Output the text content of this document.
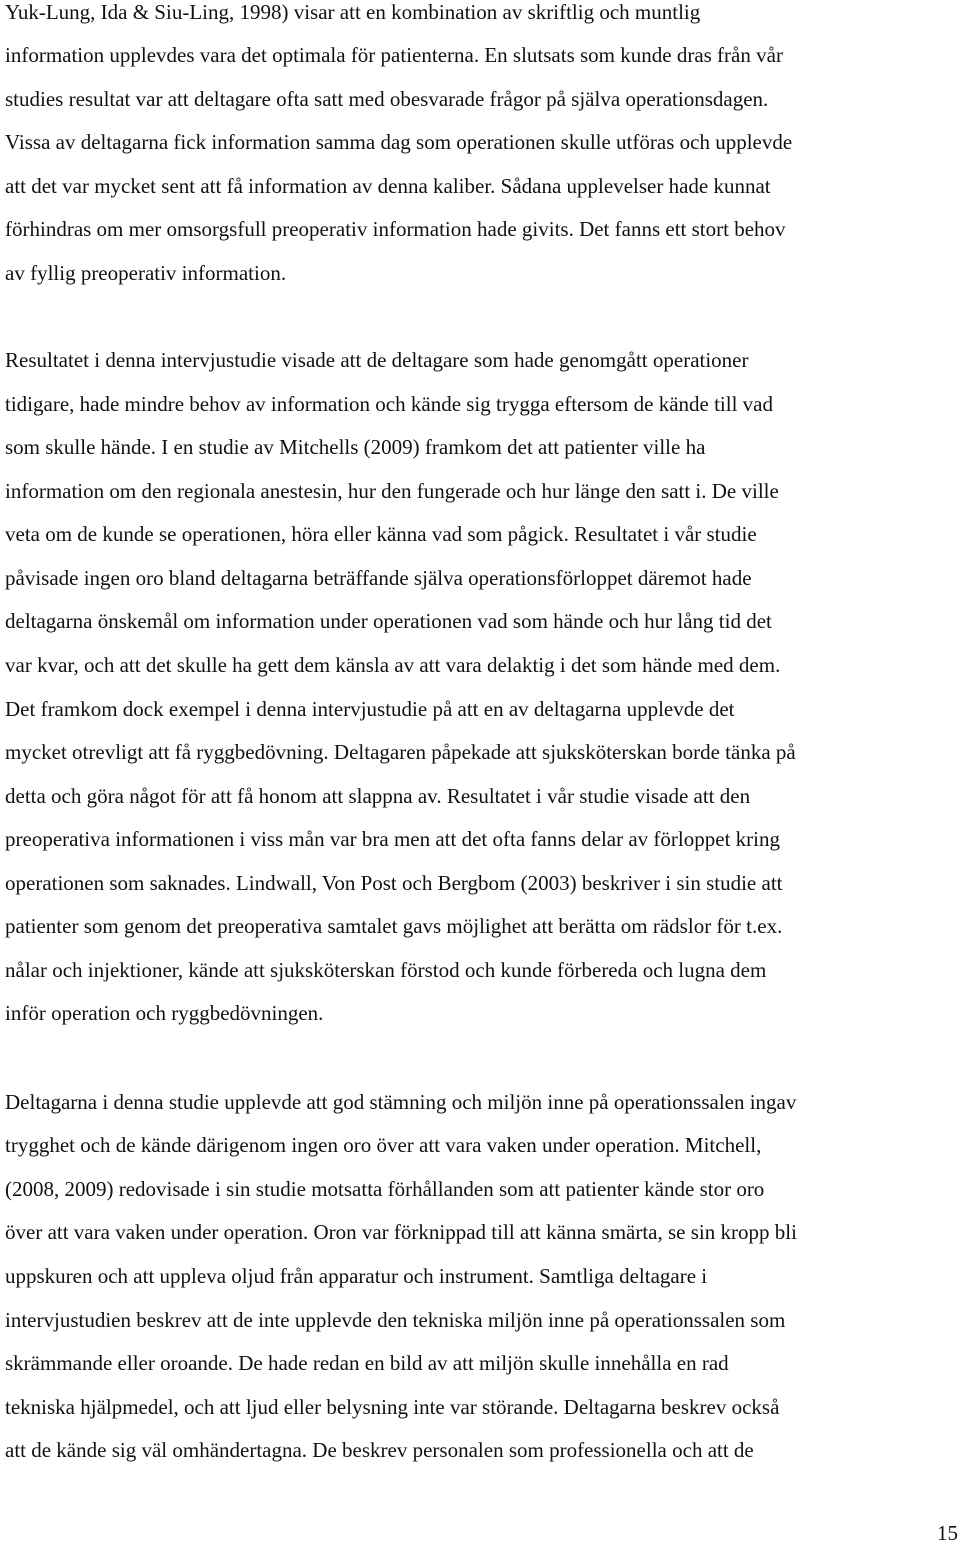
Yuk-Lung, Ida & Siu-Ling, 1998) visar att en kombination av skriftlig och muntlig
information upplevdes vara det optimala för patienterna. En slutsats som kunde dras från vår
studies resultat var att deltagare ofta satt med obesvarade frågor på själva operationsdagen.
Vissa av deltagarna fick information samma dag som operationen skulle utföras och upplevde
att det var mycket sent att få information av denna kaliber. Sådana upplevelser hade kunnat
förhindras om mer omsorgsfull preoperativ information hade givits. Det fanns ett stort behov
av fyllig preoperativ information.
Resultatet i denna intervjustudie visade att de deltagare som hade genomgått operationer
tidigare, hade mindre behov av information och kände sig trygga eftersom de kände till vad
som skulle hände. I en studie av Mitchells (2009) framkom det att patienter ville ha
information om den regionala anestesin, hur den fungerade och hur länge den satt i. De ville
veta om de kunde se operationen, höra eller känna vad som pågick. Resultatet i vår studie
påvisade ingen oro bland deltagarna beträffande själva operationsförloppet däremot hade
deltagarna önskemål om information under operationen vad som hände och hur lång tid det
var kvar, och att det skulle ha gett dem känsla av att vara delaktig i det som hände med dem.
Det framkom dock exempel i denna intervjustudie på att en av deltagarna upplevde det
mycket otrevligt att få ryggbedövning. Deltagaren påpekade att sjuksköterskan borde tänka på
detta och göra något för att få honom att slappna av. Resultatet i vår studie visade att den
preoperativa informationen i viss mån var bra men att det ofta fanns delar av förloppet kring
operationen som saknades. Lindwall, Von Post och Bergbom (2003) beskriver i sin studie att
patienter som genom det preoperativa samtalet gavs möjlighet att berätta om rädslor för t.ex.
nålar och injektioner, kände att sjuksköterskan förstod och kunde förbereda och lugna dem
inför operation och ryggbedövningen.
Deltagarna i denna studie upplevde att god stämning och miljön inne på operationssalen ingav
trygghet och de kände därigenom ingen oro över att vara vaken under operation. Mitchell,
(2008, 2009) redovisade i sin studie motsatta förhållanden som att patienter kände stor oro
över att vara vaken under operation. Oron var förknippad till att känna smärta, se sin kropp bli
uppskuren och att uppleva oljud från apparatur och instrument. Samtliga deltagare i
intervjustudien beskrev att de inte upplevde den tekniska miljön inne på operationssalen som
skrämmande eller oroande. De hade redan en bild av att miljön skulle innehålla en rad
tekniska hjälpmedel, och att ljud eller belysning inte var störande. Deltagarna beskrev också
att de kände sig väl omhändertagna. De beskrev personalen som professionella och att de
15
